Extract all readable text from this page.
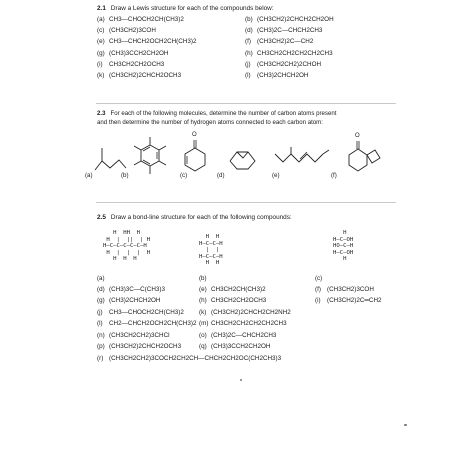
2.1 Draw a Lewis structure for each of the compounds below:
(a) CH3—CHOCH2CH(CH3)2	(b) (CH3CH2)2CHCH2CH2OH
(c) (CH3CH2)3COH	(d) (CH3)2C—CHCH2CH3
(e) CH3—CHCH2OCH2CH(CH3)2	(f) (CH3CH2)2C—CH2
(g) (CH3)3CCH2CH2OH	(h) CH3CH2CH2CH2CH2CH3
(i) CH3CH2CH2OCH3	(j) (CH3CH2CH2)2CHOH
(k) (CH3CH2)2CHCH2OCH3	(l) (CH3)2CHCH2OH
2.3 For each of the following molecules, determine the number of carbon atoms present
and then determine the number of hydrogen atoms connected to each carbon atom:
(a)	(b)
O
(c)	(d)	(e)
O
(f)
2.5 Draw a bond-line structure for each of the following compounds:
H  HH  H
H  |  ||  | H
H—C—C—C—C—C—H
H  |  |  |  H
H  H  H
H  H
H—C—C—H
|  |
H—C—C—H
H  H
H
H—C—OH
HO—C—H
H—C—OH
H
(a)	(b)	(c)
(d) (CH3)3C—C(CH3)3	(e) CH3CH2CH(CH3)2	(f) (CH3CH2)3COH
(g) (CH3)2CHCH2OH	(h) CH3CH2CH2OCH3	(i) (CH3CH2)2C═CH2
(j) CH3—CHOCH2CH(CH3)2 (k) (CH3CH2)2CHCH2CH2NH2
(l) CH2—CHCH2OCH2CH(CH3)2 (m) CH3CH2CH2CH2CH2CH3
(n) (CH3CH2CH2)3CHCl	(o) (CH3)2C—CHCH2CH3
(p) (CH3CH2)2CHCH2OCH3	(q) (CH3)3CCH2CH2OH
(r) (CH3CH2CH2)3COCH2CH2CH—CHCH2CH2OC(CH2CH3)3
